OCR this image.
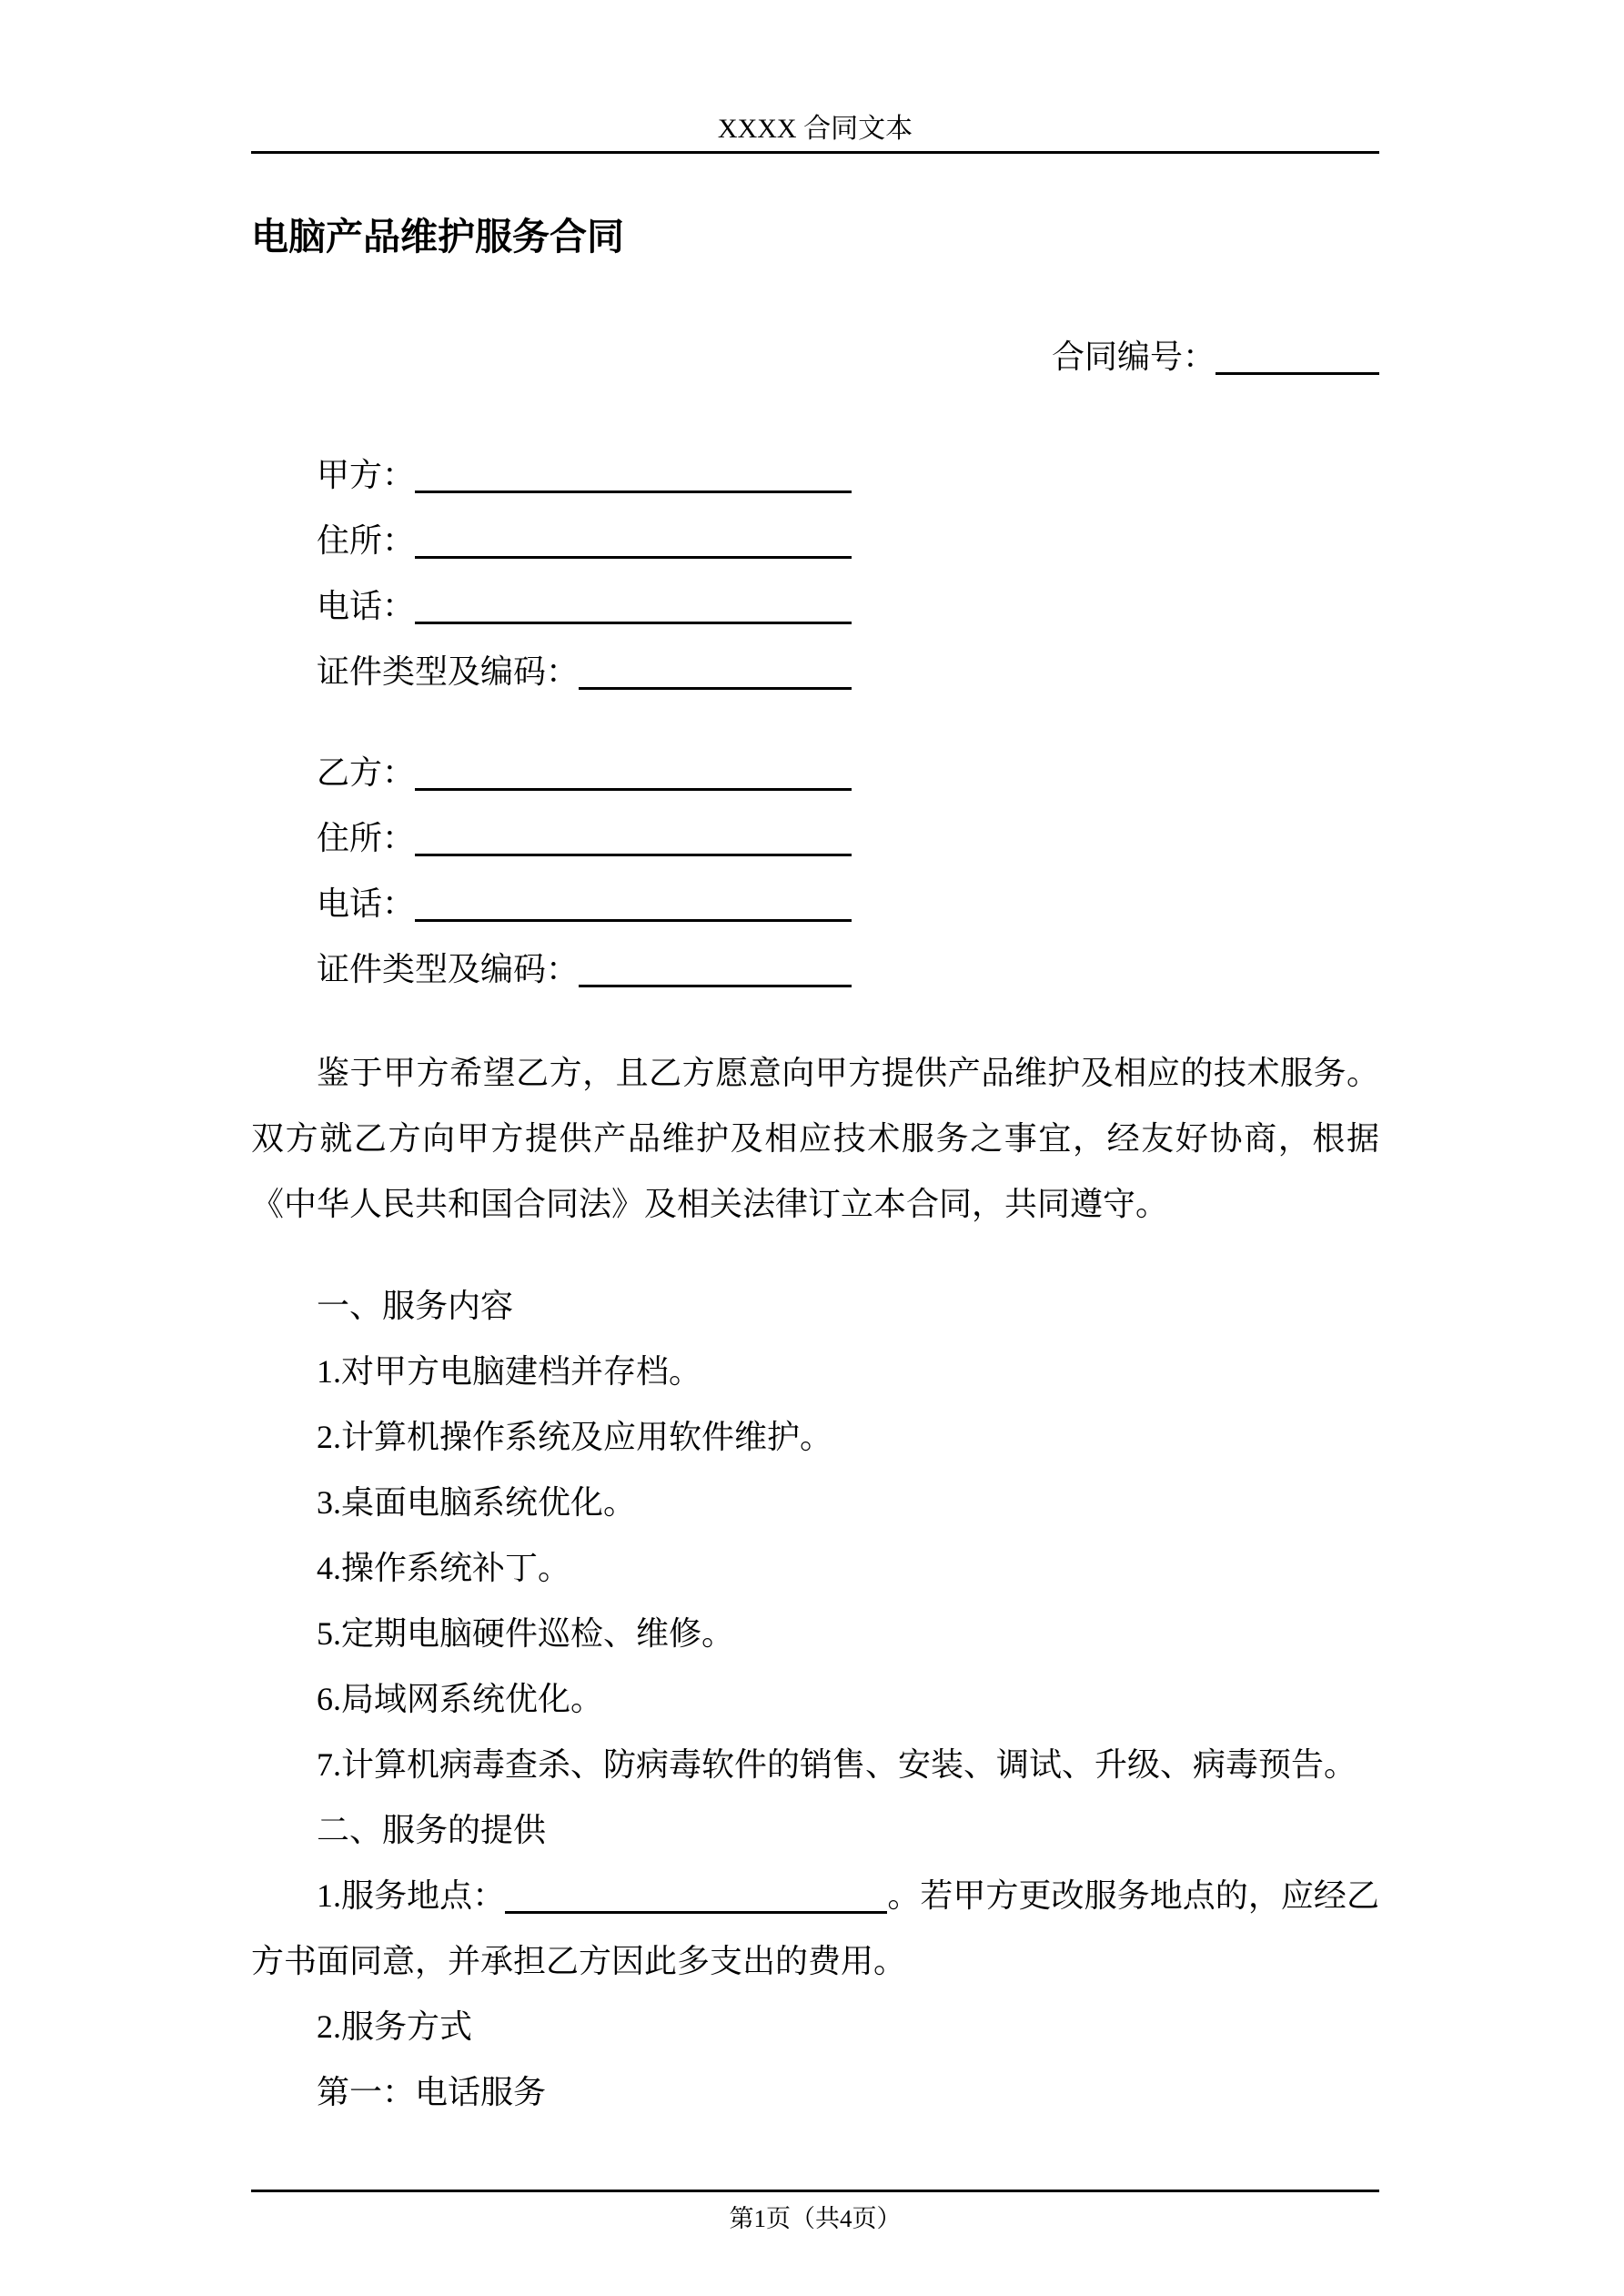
XXXX 合同文本
电脑产品维护服务合同
合同编号：
甲方：
住所：
电话：
证件类型及编码：
乙方：
住所：
电话：
证件类型及编码：

鉴于甲方希望乙方，且乙方愿意向甲方提供产品维护及相应的技术服务。双方就乙方向甲方提供产品维护及相应技术服务之事宜，经友好协商，根据《中华人民共和国合同法》及相关法律订立本合同，共同遵守。

一、服务内容
1.对甲方电脑建档并存档。
2.计算机操作系统及应用软件维护。
3.桌面电脑系统优化。
4.操作系统补丁。
5.定期电脑硬件巡检、维修。
6.局域网系统优化。
7.计算机病毒查杀、防病毒软件的销售、安装、调试、升级、病毒预告。
二、服务的提供

1.服务地点：	。若甲方更改服务地点的，应经乙方书面同意，并承担乙方因此多支出的费用。

2.服务方式
第一：电话服务
第1页（共4页）
